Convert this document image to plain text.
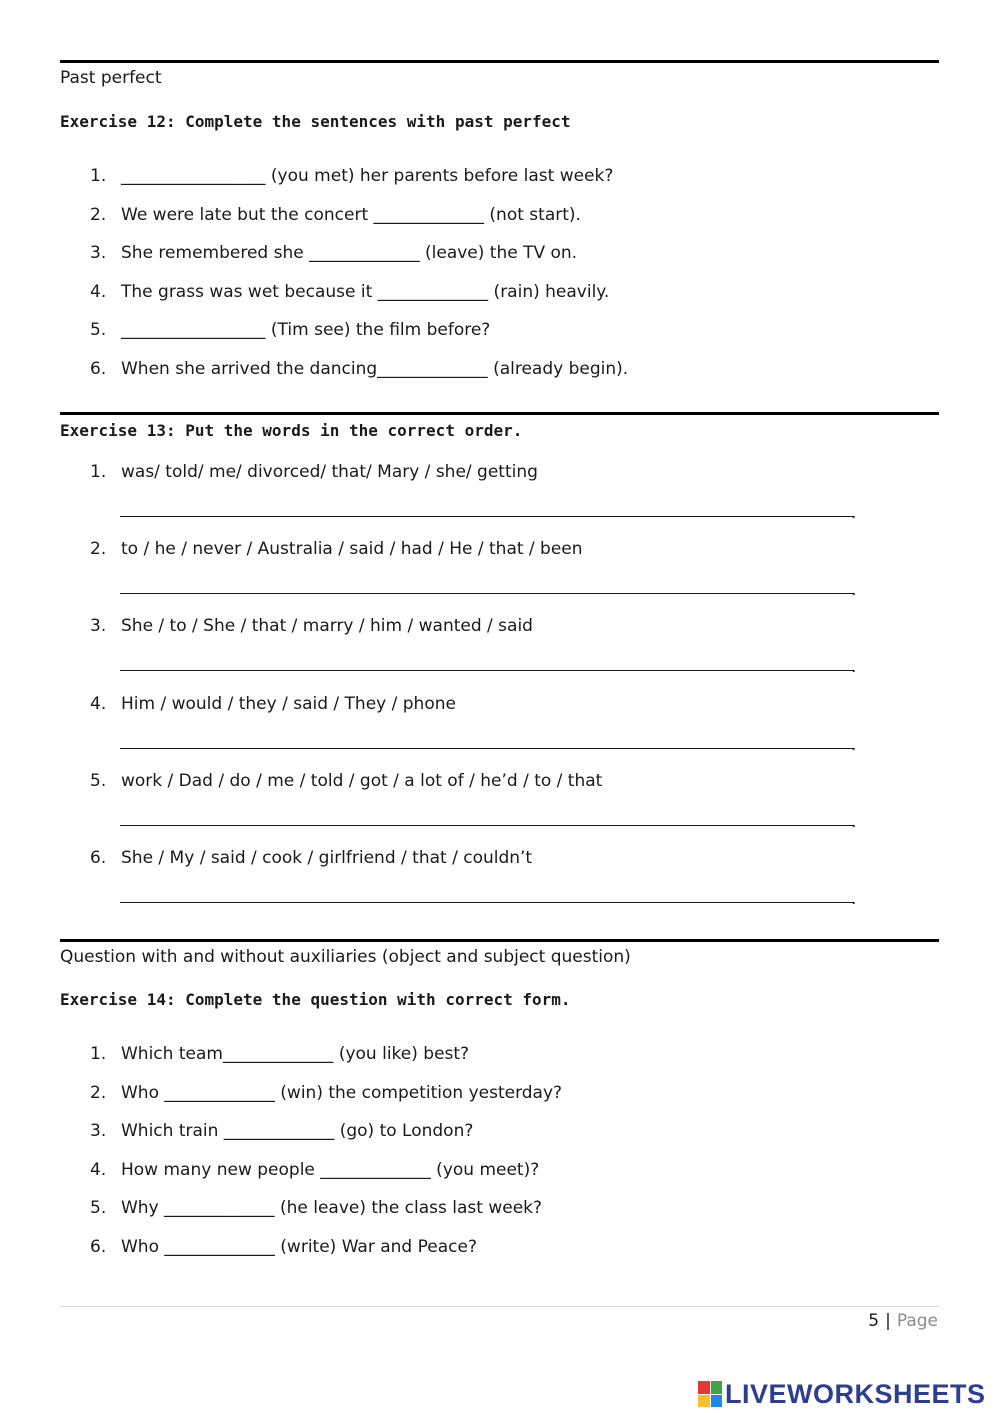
Past perfect
Exercise 12: Complete the sentences with past perfect
1. _________________ (you met) her parents before last week?
2. We were late but the concert _____________ (not start).
3. She remembered she _____________ (leave) the TV on.
4. The grass was wet because it _____________ (rain) heavily.
5. _________________ (Tim see) the film before?
6. When she arrived the dancing_____________ (already begin).
Exercise 13: Put the words in the correct order.
1. was/ told/ me/ divorced/ that/ Mary / she/ getting
.
2. to / he / never / Australia / said / had / He / that / been
.
3. She / to / She / that / marry / him / wanted / said
.
4. Him / would / they / said / They / phone
.
5. work / Dad / do / me / told / got / a lot of / he’d / to / that
.
6. She / My / said / cook / girlfriend / that / couldn’t
.
Question with and without auxiliaries (object and subject question)
Exercise 14: Complete the question with correct form.
1. Which team_____________ (you like) best?
2. Who _____________ (win) the competition yesterday?
3. Which train _____________ (go) to London?
4. How many new people _____________ (you meet)?
5. Why _____________ (he leave) the class last week?
6. Who _____________ (write) War and Peace?
5 | Page
LIVEWORKSHEETS
